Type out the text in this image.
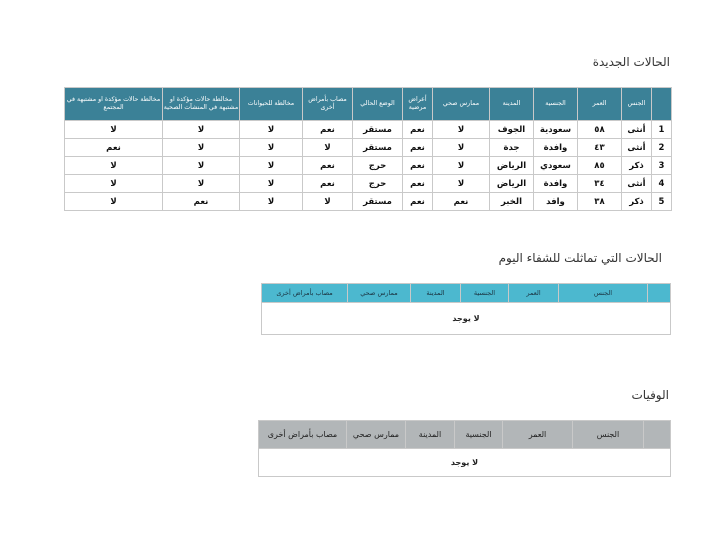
الحالات الجديدة
	الجنس	العمر	الجنسية	المدينة	ممارس صحي	أعراض مرضية	الوضع الحالي	مصاب بأمراض أخرى	مخالطة للحيوانات	مخالطة حالات مؤكدة او مشتبهة في المنشآت الصحية	مخالطة حالات مؤكدة او مشتبهة في المجتمع
1	أنثى	٥٨	سعودية	الجوف	لا	نعم	مستقر	نعم	لا	لا	لا
2	أنثى	٤٣	وافدة	جدة	لا	نعم	مستقر	لا	لا	لا	نعم
3	ذكر	٨٥	سعودي	الرياض	لا	نعم	حرج	نعم	لا	لا	لا
4	أنثى	٣٤	وافدة	الرياض	لا	نعم	حرج	نعم	لا	لا	لا
5	ذكر	٣٨	وافد	الخبر	نعم	نعم	مستقر	لا	لا	نعم	لا
الحالات التي تماثلت للشفاء اليوم
	الجنس	العمر	الجنسية	المدينة	ممارس صحي	مصاب بأمراض أخرى
لا يوجد
الوفيات
	الجنس	العمر	الجنسية	المدينة	ممارس صحي	مصاب بأمراض أخرى
لا يوجد
